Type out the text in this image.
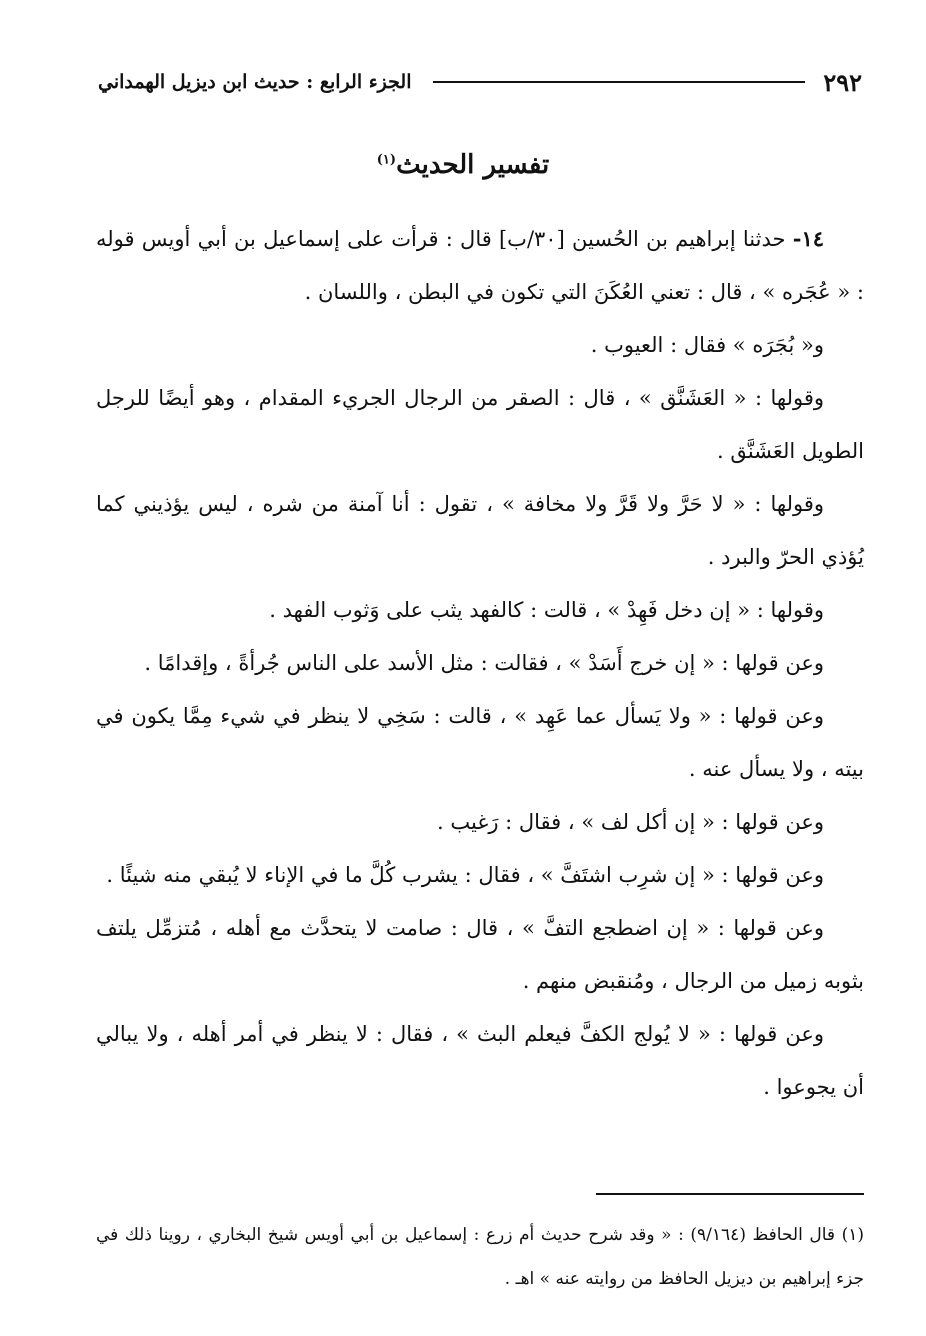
٢٩٢
الجزء الرابع : حديث ابن ديزيل الهمداني
تفسير الحديث$^{(١)}$

١٤- حدثنا إبراهيم بن الحُسين [٣٠/ب] قال : قرأت على إسماعيل بن أبي أويس قوله : « عُجَره » ، قال : تعني العُكَنَ التي تكون في البطن ، واللسان .

و« بُجَرَه » فقال : العيوب .

وقولها : « العَشَنَّق » ، قال : الصقر من الرجال الجريء المقدام ، وهو أيضًا للرجل الطويل العَشَنَّق .

وقولها : « لا حَرَّ ولا قَرَّ ولا مخافة » ، تقول : أنا آمنة من شره ، ليس يؤذيني كما يُؤذي الحرّ والبرد .

وقولها : « إن دخل فَهِدْ » ، قالت : كالفهد يثب على وَثوب الفهد .

وعن قولها : « إن خرج أَسَدْ » ، فقالت : مثل الأسد على الناس جُرأةً ، وإقدامًا .

وعن قولها : « ولا يَسأل عما عَهِد » ، قالت : سَخِي لا ينظر في شيء مِمَّا يكون في بيته ، ولا يسأل عنه .

وعن قولها : « إن أكل لف » ، فقال : رَغيب .

وعن قولها : « إن شرِب اشتَفَّ » ، فقال : يشرب كُلَّ ما في الإناء لا يُبقي منه شيئًا .

وعن قولها : « إن اضطجع التفَّ » ، قال : صامت لا يتحدَّث مع أهله ، مُتزمِّل يلتف بثوبه زميل من الرجال ، ومُنقبض منهم .

وعن قولها : « لا يُولج الكفَّ فيعلم البث » ، فقال : لا ينظر في أمر أهله ، ولا يبالي أن يجوعوا .

(١) قال الحافظ (٩/١٦٤) : « وقد شرح حديث أم زرع : إسماعيل بن أبي أويس شيخ البخاري ، روينا ذلك في جزء إبراهيم بن ديزيل الحافظ من روايته عنه » اهـ .
